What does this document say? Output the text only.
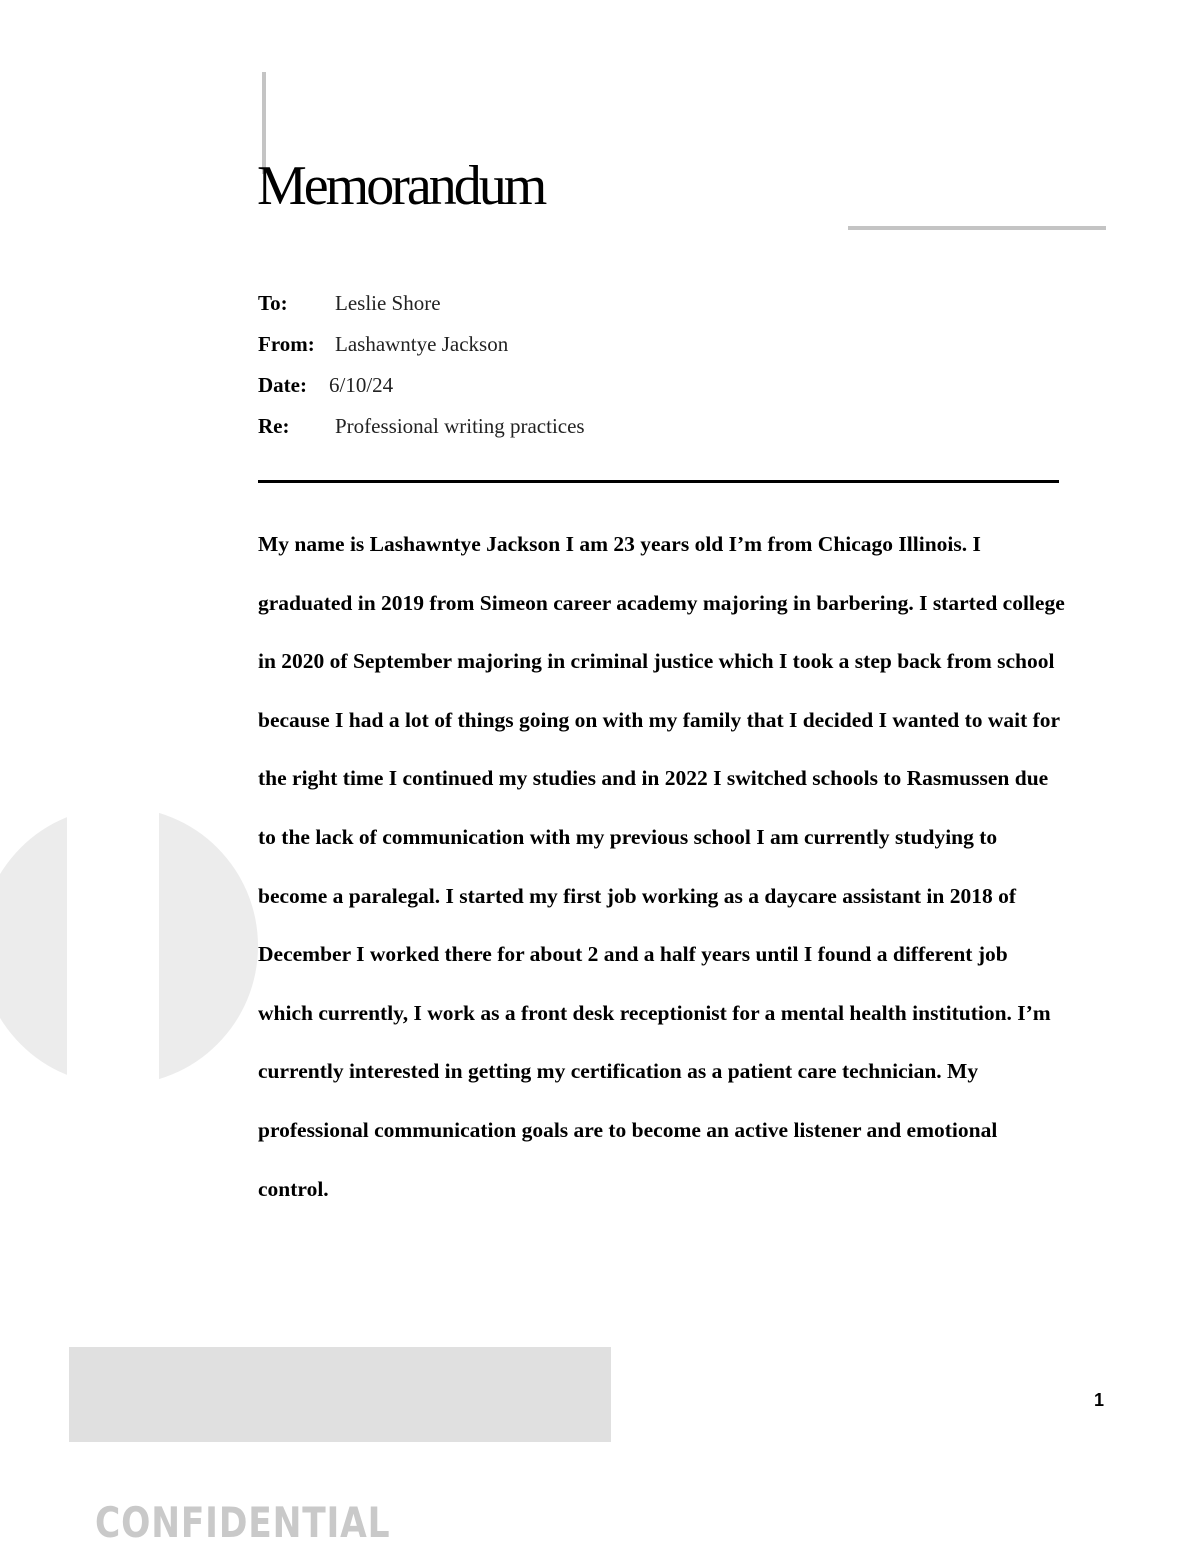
Memorandum
To: Leslie Shore
From: Lashawntye Jackson
Date: 6/10/24
Re: Professional writing practices

My name is Lashawntye Jackson I am 23 years old I’m from Chicago Illinois. I graduated in 2019 from Simeon career academy majoring in barbering. I started college in 2020 of September majoring in criminal justice which I took a step back from school because I had a lot of things going on with my family that I decided I wanted to wait for the right time I continued my studies and in 2022 I switched schools to Rasmussen due to the lack of communication with my previous school I am currently studying to become a paralegal. I started my first job working as a daycare assistant in 2018 of December I worked there for about 2 and a half years until I found a different job which currently, I work as a front desk receptionist for a mental health institution. I’m currently interested in getting my certification as a patient care technician. My professional communication goals are to become an active listener and emotional control.

1
CONFIDENTIAL
